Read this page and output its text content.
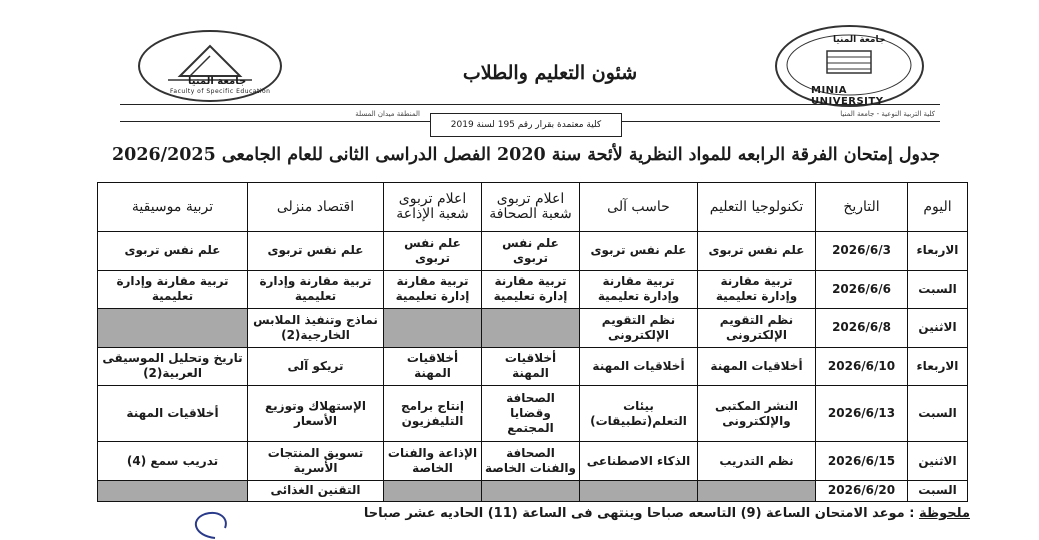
جامعة المنيا
Faculty of Specific Education
جامعة المنيا
MINIA UNIVERSITY
شئون التعليم والطلاب
كلية التربية النوعية - جامعة المنيا
المنطقة ميدان المسلة
كلية معتمدة بقرار رقم 195 لسنة 2019
جدول إمتحان الفرقة الرابعه للمواد النظرية لأئحة سنة 2020 الفصل الدراسى الثانى للعام الجامعى 2026/2025
اليوم	التاريخ	تكنولوجيا التعليم	حاسب آلى	اعلام تربوى شعبة الصحافة	اعلام تربوى شعبة الإذاعة	اقتصاد منزلى	تربية موسيقية
الاربعاء	2026/6/3	علم نفس تربوى	علم نفس تربوى	علم نفس تربوى	علم نفس تربوى	علم نفس تربوى	علم نفس تربوى
السبت	2026/6/6	تربية مقارنة وإدارة تعليمية	تربية مقارنة وإدارة تعليمية	تربية مقارنة إدارة تعليمية	تربية مقارنة إدارة تعليمية	تربية مقارنة وإدارة تعليمية	تربية مقارنة وإدارة تعليمية
الاثنين	2026/6/8	نظم التقويم الإلكترونى	نظم التقويم الإلكترونى			نماذج وتنفيذ الملابس الخارجية(2)	
الاربعاء	2026/6/10	أخلاقيات المهنة	أخلاقيات المهنة	أخلاقيات المهنة	أخلاقيات المهنة	تريكو آلى	تاريخ وتحليل الموسيقى العربية(2)
السبت	2026/6/13	النشر المكتبى والإلكترونى	بيئات التعلم(تطبيقات)	الصحافة وقضايا المجتمع	إنتاج برامج التليفزيون	الإستهلاك وتوزيع الأسعار	أخلاقيات المهنة
الاثنين	2026/6/15	نظم التدريب	الذكاء الاصطناعى	الصحافة والفنات الخاصة	الإذاعة والفنات الخاصة	تسويق المنتجات الأسرية	تدريب سمع (4)
السبت	2026/6/20					التقنين الغذائى	
ملحوظة : موعد الامتحان الساعة (9) التاسعه صباحا وينتهى فى الساعة (11) الحاديه عشر صباحا
